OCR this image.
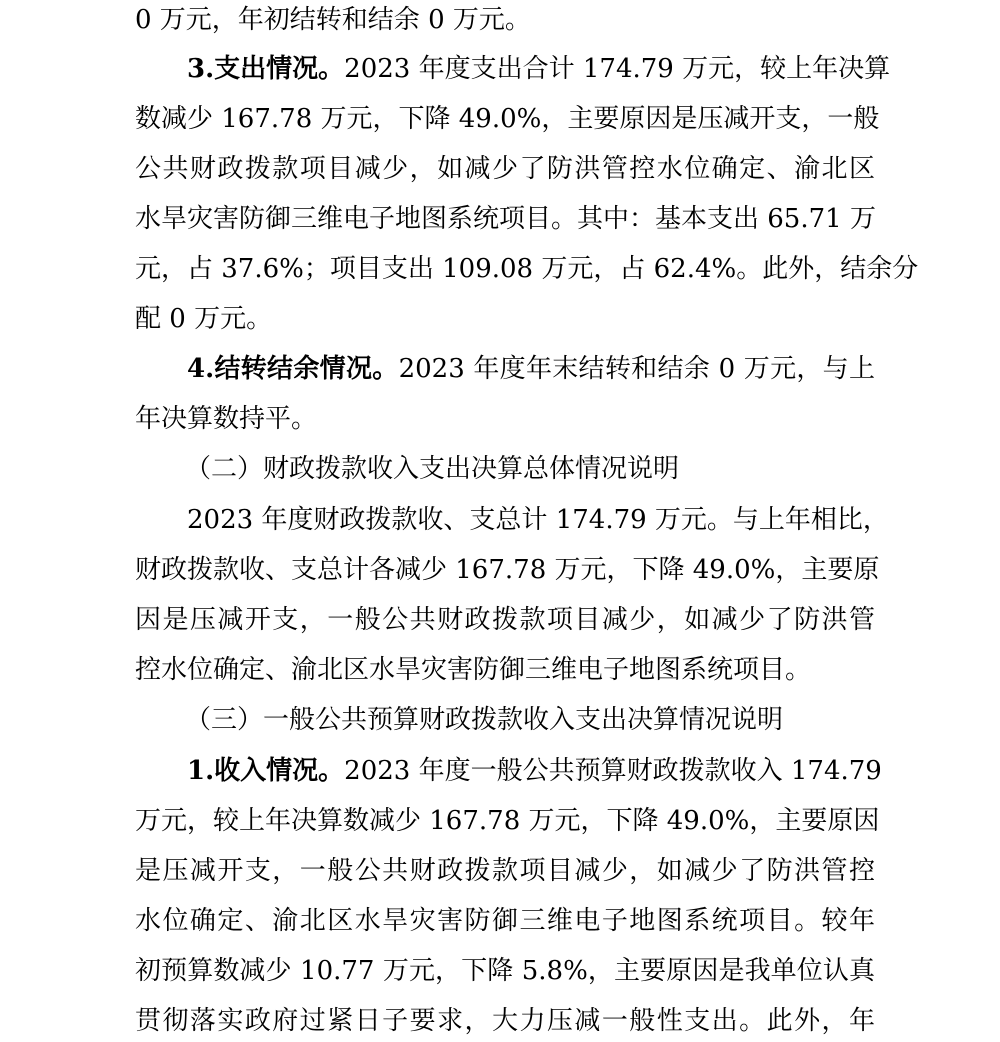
0 万元，年初结转和结余 0 万元。
3.支出情况。2023 年度支出合计 174.79 万元，较上年决算
数减少 167.78 万元，下降 49.0%，主要原因是压减开支，一般
公共财政拨款项目减少，如减少了防洪管控水位确定、渝北区
水旱灾害防御三维电子地图系统项目。其中：基本支出 65.71 万
元，占 37.6%；项目支出 109.08 万元，占 62.4%。此外，结余分
配 0 万元。
4.结转结余情况。2023 年度年末结转和结余 0 万元，与上
年决算数持平。
（二）财政拨款收入支出决算总体情况说明
2023 年度财政拨款收、支总计 174.79 万元。与上年相比，
财政拨款收、支总计各减少 167.78 万元，下降 49.0%，主要原
因是压减开支，一般公共财政拨款项目减少，如减少了防洪管
控水位确定、渝北区水旱灾害防御三维电子地图系统项目。
（三）一般公共预算财政拨款收入支出决算情况说明
1.收入情况。2023 年度一般公共预算财政拨款收入 174.79
万元，较上年决算数减少 167.78 万元，下降 49.0%，主要原因
是压减开支，一般公共财政拨款项目减少，如减少了防洪管控
水位确定、渝北区水旱灾害防御三维电子地图系统项目。较年
初预算数减少 10.77 万元，下降 5.8%，主要原因是我单位认真
贯彻落实政府过紧日子要求，大力压减一般性支出。此外，年
